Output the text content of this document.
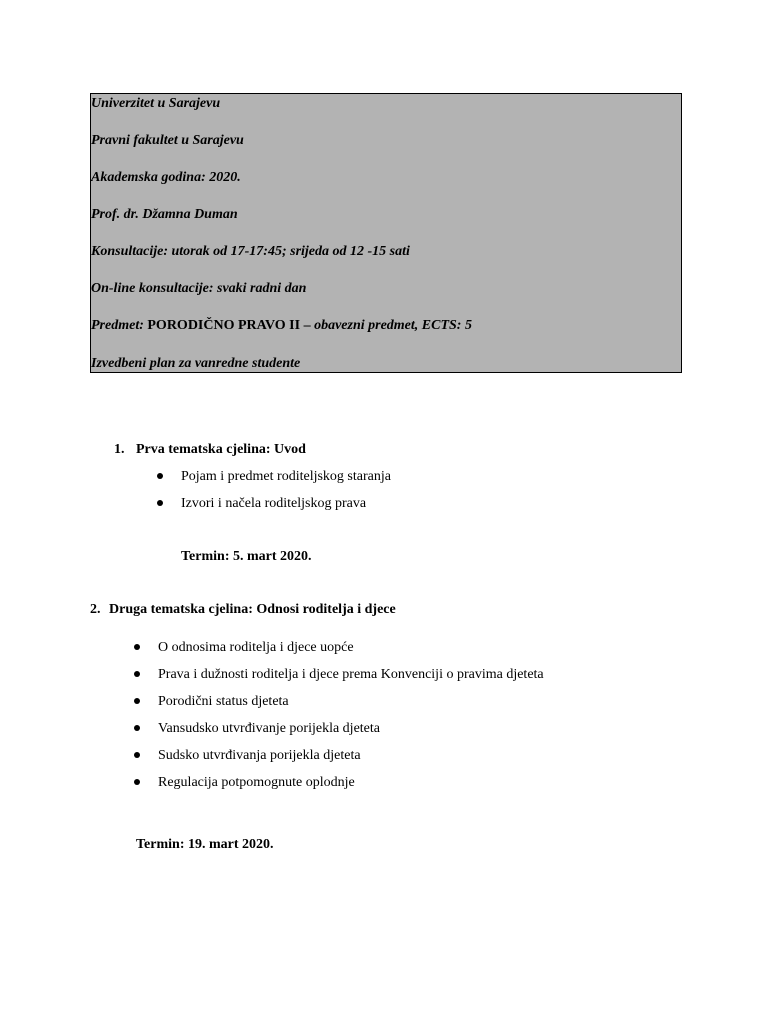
Univerzitet u Sarajevu
Pravni fakultet u Sarajevu
Akademska godina: 2020.
Prof. dr. Džamna Duman
Konsultacije: utorak od 17-17:45; srijeda od 12 -15 sati
On-line konsultacije: svaki radni dan
Predmet: PORODIČNO PRAVO II – obavezni predmet, ECTS: 5
Izvedbeni plan za vanredne studente
1. Prva tematska cjelina: Uvod
Pojam i predmet roditeljskog staranja
Izvori i načela roditeljskog prava
Termin: 5. mart 2020.
2. Druga tematska cjelina: Odnosi roditelja i djece
O odnosima roditelja i djece uopće
Prava i dužnosti roditelja i djece prema Konvenciji o pravima djeteta
Porodični status djeteta
Vansudsko utvrđivanje porijekla djeteta
Sudsko utvrđivanja porijekla djeteta
Regulacija potpomognute oplodnje
Termin: 19. mart 2020.
